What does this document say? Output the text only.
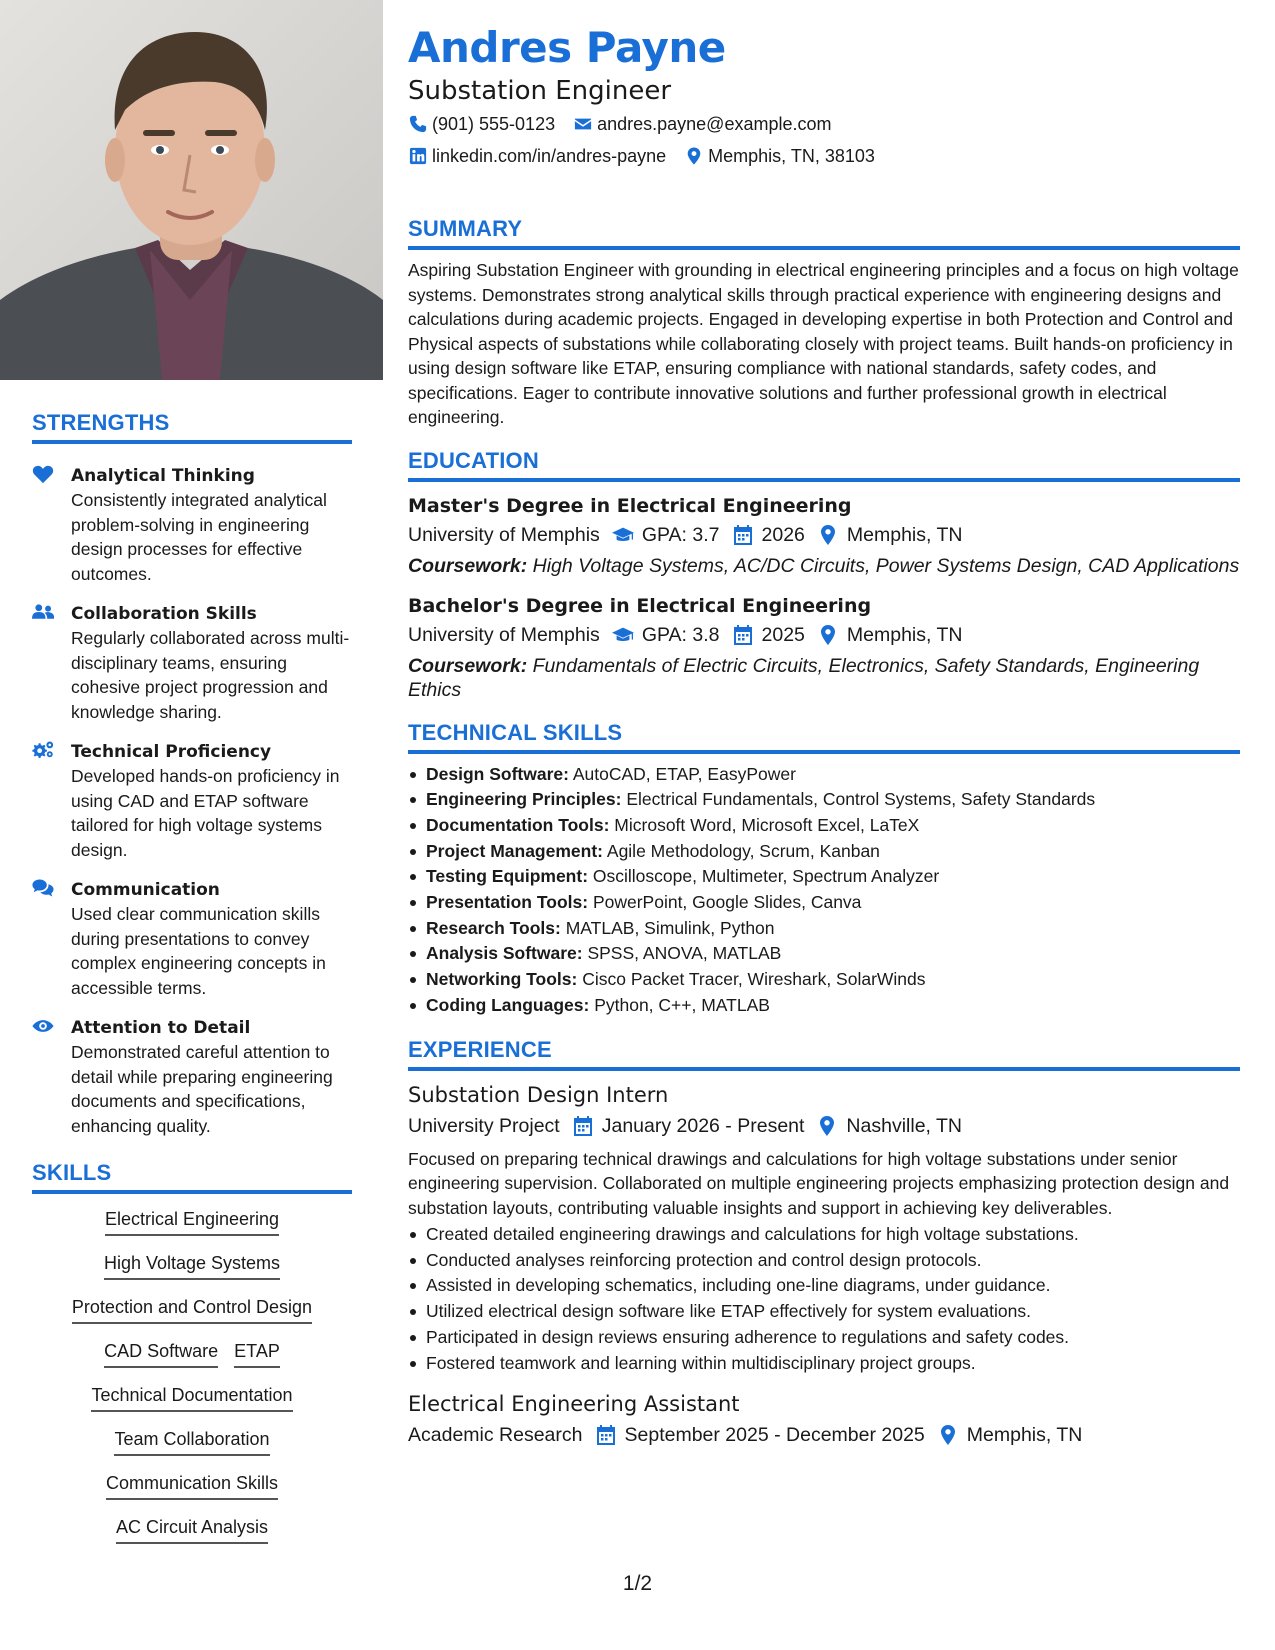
STRENGTHS
Analytical Thinking
Consistently integrated analytical problem-solving in engineering design processes for effective outcomes.
Collaboration Skills
Regularly collaborated across multi-disciplinary teams, ensuring cohesive project progression and knowledge sharing.
Technical Proficiency
Developed hands-on proficiency in using CAD and ETAP software tailored for high voltage systems design.
Communication
Used clear communication skills during presentations to convey complex engineering concepts in accessible terms.
Attention to Detail
Demonstrated careful attention to detail while preparing engineering documents and specifications, enhancing quality.
SKILLS
Electrical Engineering
High Voltage Systems
Protection and Control Design
CAD Software ETAP
Technical Documentation
Team Collaboration
Communication Skills
AC Circuit Analysis
Andres Payne
Substation Engineer
(901) 555-0123 andres.payne@example.com
linkedin.com/in/andres-payne Memphis, TN, 38103
SUMMARY
Aspiring Substation Engineer with grounding in electrical engineering principles and a focus on high voltage systems. Demonstrates strong analytical skills through practical experience with engineering designs and calculations during academic projects. Engaged in developing expertise in both Protection and Control and Physical aspects of substations while collaborating closely with project teams. Built hands-on proficiency in using design software like ETAP, ensuring compliance with national standards, safety codes, and specifications. Eager to contribute innovative solutions and further professional growth in electrical engineering.
EDUCATION
Master's Degree in Electrical Engineering
University of Memphis GPA: 3.7 2026 Memphis, TN
Coursework: High Voltage Systems, AC/DC Circuits, Power Systems Design, CAD Applications
Bachelor's Degree in Electrical Engineering
University of Memphis GPA: 3.8 2025 Memphis, TN
Coursework: Fundamentals of Electric Circuits, Electronics, Safety Standards, Engineering Ethics
TECHNICAL SKILLS
Design Software: AutoCAD, ETAP, EasyPower
Engineering Principles: Electrical Fundamentals, Control Systems, Safety Standards
Documentation Tools: Microsoft Word, Microsoft Excel, LaTeX
Project Management: Agile Methodology, Scrum, Kanban
Testing Equipment: Oscilloscope, Multimeter, Spectrum Analyzer
Presentation Tools: PowerPoint, Google Slides, Canva
Research Tools: MATLAB, Simulink, Python
Analysis Software: SPSS, ANOVA, MATLAB
Networking Tools: Cisco Packet Tracer, Wireshark, SolarWinds
Coding Languages: Python, C++, MATLAB
EXPERIENCE
Substation Design Intern
University Project January 2026 - Present Nashville, TN
Focused on preparing technical drawings and calculations for high voltage substations under senior engineering supervision. Collaborated on multiple engineering projects emphasizing protection design and substation layouts, contributing valuable insights and support in achieving key deliverables.
Created detailed engineering drawings and calculations for high voltage substations.
Conducted analyses reinforcing protection and control design protocols.
Assisted in developing schematics, including one-line diagrams, under guidance.
Utilized electrical design software like ETAP effectively for system evaluations.
Participated in design reviews ensuring adherence to regulations and safety codes.
Fostered teamwork and learning within multidisciplinary project groups.
Electrical Engineering Assistant
Academic Research September 2025 - December 2025 Memphis, TN
1/2
